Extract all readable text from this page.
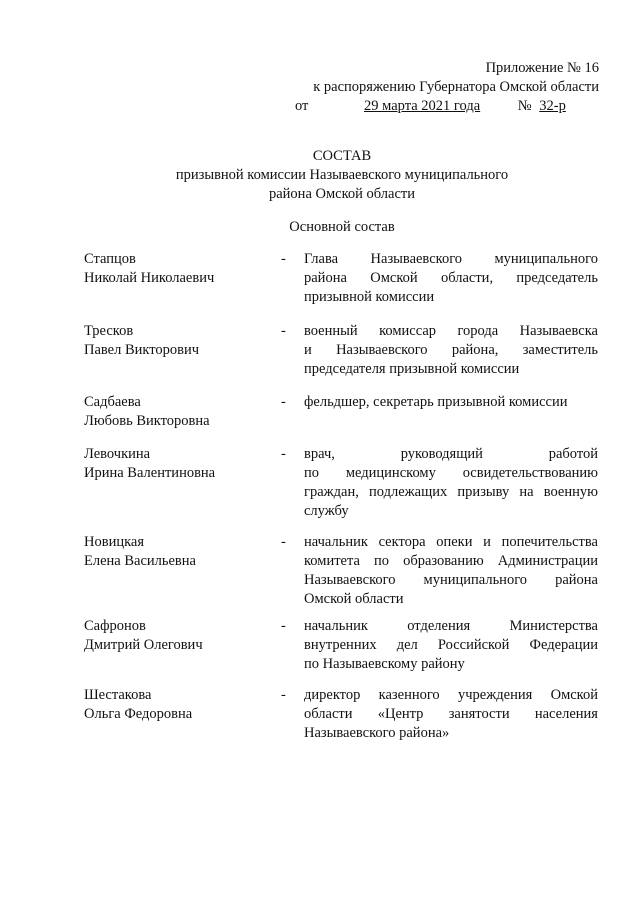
Приложение № 16
к распоряжению Губернатора Омской области
от	29 марта 2021 года	№ 32-р
СОСТАВ
призывной комиссии Называевского муниципального
района Омской области
Основной состав
Стапцов
Николай Николаевич
- Глава Называевского муниципального
района Омской области, председатель
призывной комиссии
Тресков
Павел Викторович
- военный комиссар города Называевска
и Называевского района, заместитель
председателя призывной комиссии
Садбаева
Любовь Викторовна
- фельдшер, секретарь призывной комиссии
Левочкина
Ирина Валентиновна
- врач,	руководящий	работой
по медицинскому освидетельствованию
граждан, подлежащих призыву на военную
службу
Новицкая
Елена Васильевна
- начальник сектора опеки и попечительства
комитета по образованию Администрации
Называевского муниципального района
Омской области
Сафронов
Дмитрий Олегович
- начальник	отделения	Министерства
внутренних дел Российской Федерации
по Называевскому району
Шестакова
Ольга Федоровна
- директор казенного учреждения Омской
области «Центр занятости населения
Называевского района»
